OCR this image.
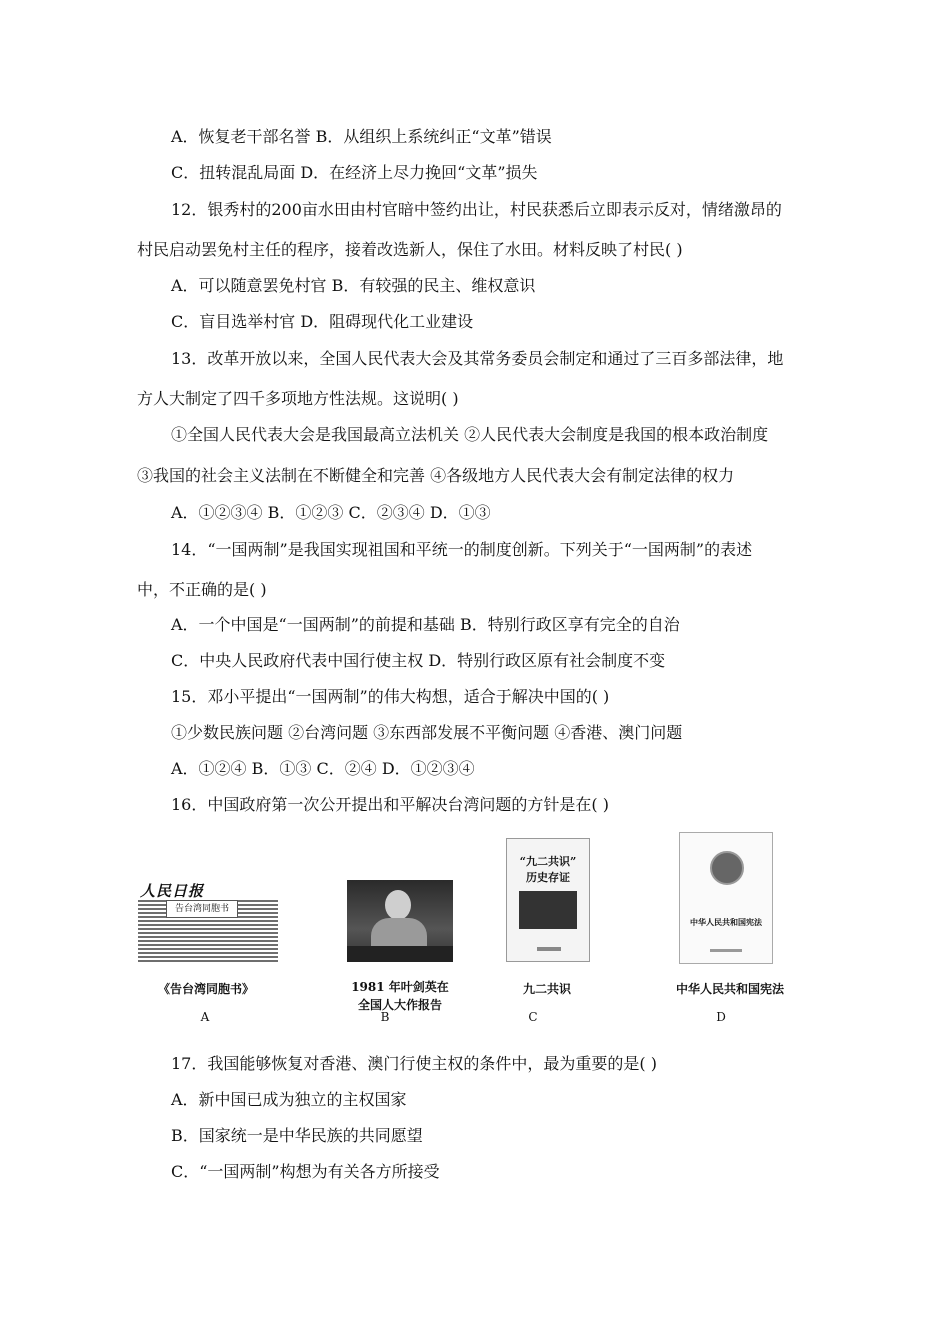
A．恢复老干部名誉 B．从组织上系统纠正“文革”错误
C．扭转混乱局面 D．在经济上尽力挽回“文革”损失
12．银秀村的200亩水田由村官暗中签约出让，村民获悉后立即表示反对，情绪激昂的
村民启动罢免村主任的程序，接着改选新人，保住了水田。材料反映了村民( )
A．可以随意罢免村官 B．有较强的民主、维权意识
C．盲目选举村官 D．阻碍现代化工业建设
13．改革开放以来，全国人民代表大会及其常务委员会制定和通过了三百多部法律，地
方人大制定了四千多项地方性法规。这说明( )
①全国人民代表大会是我国最高立法机关 ②人民代表大会制度是我国的根本政治制度
③我国的社会主义法制在不断健全和完善 ④各级地方人民代表大会有制定法律的权力
A．①②③④ B．①②③ C．②③④ D．①③
14．“一国两制”是我国实现祖国和平统一的制度创新。下列关于“一国两制”的表述
中，不正确的是( )
A．一个中国是“一国两制”的前提和基础 B．特别行政区享有完全的自治
C．中央人民政府代表中国行使主权 D．特别行政区原有社会制度不变
15．邓小平提出“一国两制”的伟大构想，适合于解决中国的( )
①少数民族问题 ②台湾问题 ③东西部发展不平衡问题 ④香港、澳门问题
A．①②④ B．①③ C．②④ D．①②③④
16．中国政府第一次公开提出和平解决台湾问题的方针是在( )
人民日报
告台湾同胞书
《告台湾同胞书》
A
1981 年叶剑英在
全国人大作报告
B
“九二共识”
历史存证
九二共识
C
中华人民共和国宪法
中华人民共和国宪法
D
17．我国能够恢复对香港、澳门行使主权的条件中，最为重要的是( )
A．新中国已成为独立的主权国家
B．国家统一是中华民族的共同愿望
C．“一国两制”构想为有关各方所接受
